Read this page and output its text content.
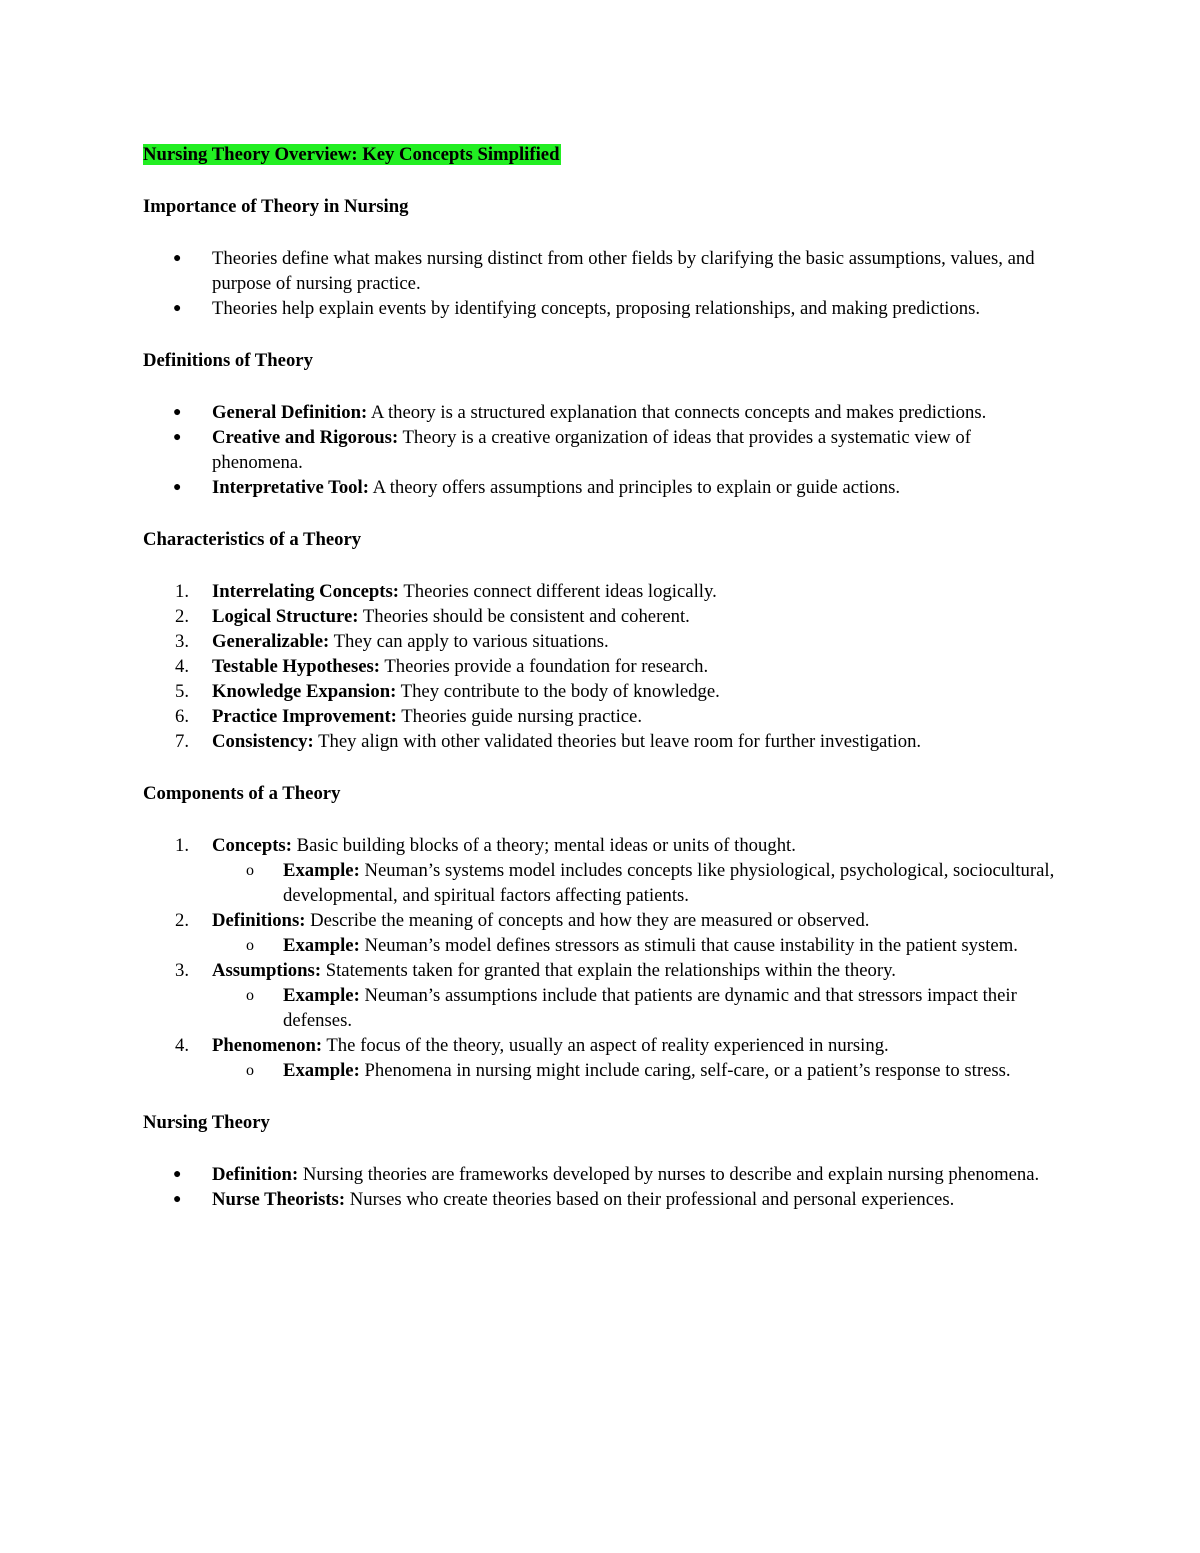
Nursing Theory Overview: Key Concepts Simplified

Importance of Theory in Nursing
● Theories define what makes nursing distinct from other fields by clarifying the basic assumptions, values, and purpose of nursing practice.
● Theories help explain events by identifying concepts, proposing relationships, and making predictions.
Definitions of Theory
● General Definition: A theory is a structured explanation that connects concepts and makes predictions.
● Creative and Rigorous: Theory is a creative organization of ideas that provides a systematic view of phenomena.
● Interpretative Tool: A theory offers assumptions and principles to explain or guide actions.
Characteristics of a Theory
1. Interrelating Concepts: Theories connect different ideas logically.
2. Logical Structure: Theories should be consistent and coherent.
3. Generalizable: They can apply to various situations.
4. Testable Hypotheses: Theories provide a foundation for research.
5. Knowledge Expansion: They contribute to the body of knowledge.
6. Practice Improvement: Theories guide nursing practice.
7. Consistency: They align with other validated theories but leave room for further investigation.
Components of a Theory
1. Concepts: Basic building blocks of a theory; mental ideas or units of thought.
o Example: Neuman’s systems model includes concepts like physiological, psychological, sociocultural, developmental, and spiritual factors affecting patients.
2. Definitions: Describe the meaning of concepts and how they are measured or observed.
o Example: Neuman’s model defines stressors as stimuli that cause instability in the patient system.
3. Assumptions: Statements taken for granted that explain the relationships within the theory.
o Example: Neuman’s assumptions include that patients are dynamic and that stressors impact their defenses.
4. Phenomenon: The focus of the theory, usually an aspect of reality experienced in nursing.
o Example: Phenomena in nursing might include caring, self-care, or a patient’s response to stress.
Nursing Theory
● Definition: Nursing theories are frameworks developed by nurses to describe and explain nursing phenomena.
● Nurse Theorists: Nurses who create theories based on their professional and personal experiences.
